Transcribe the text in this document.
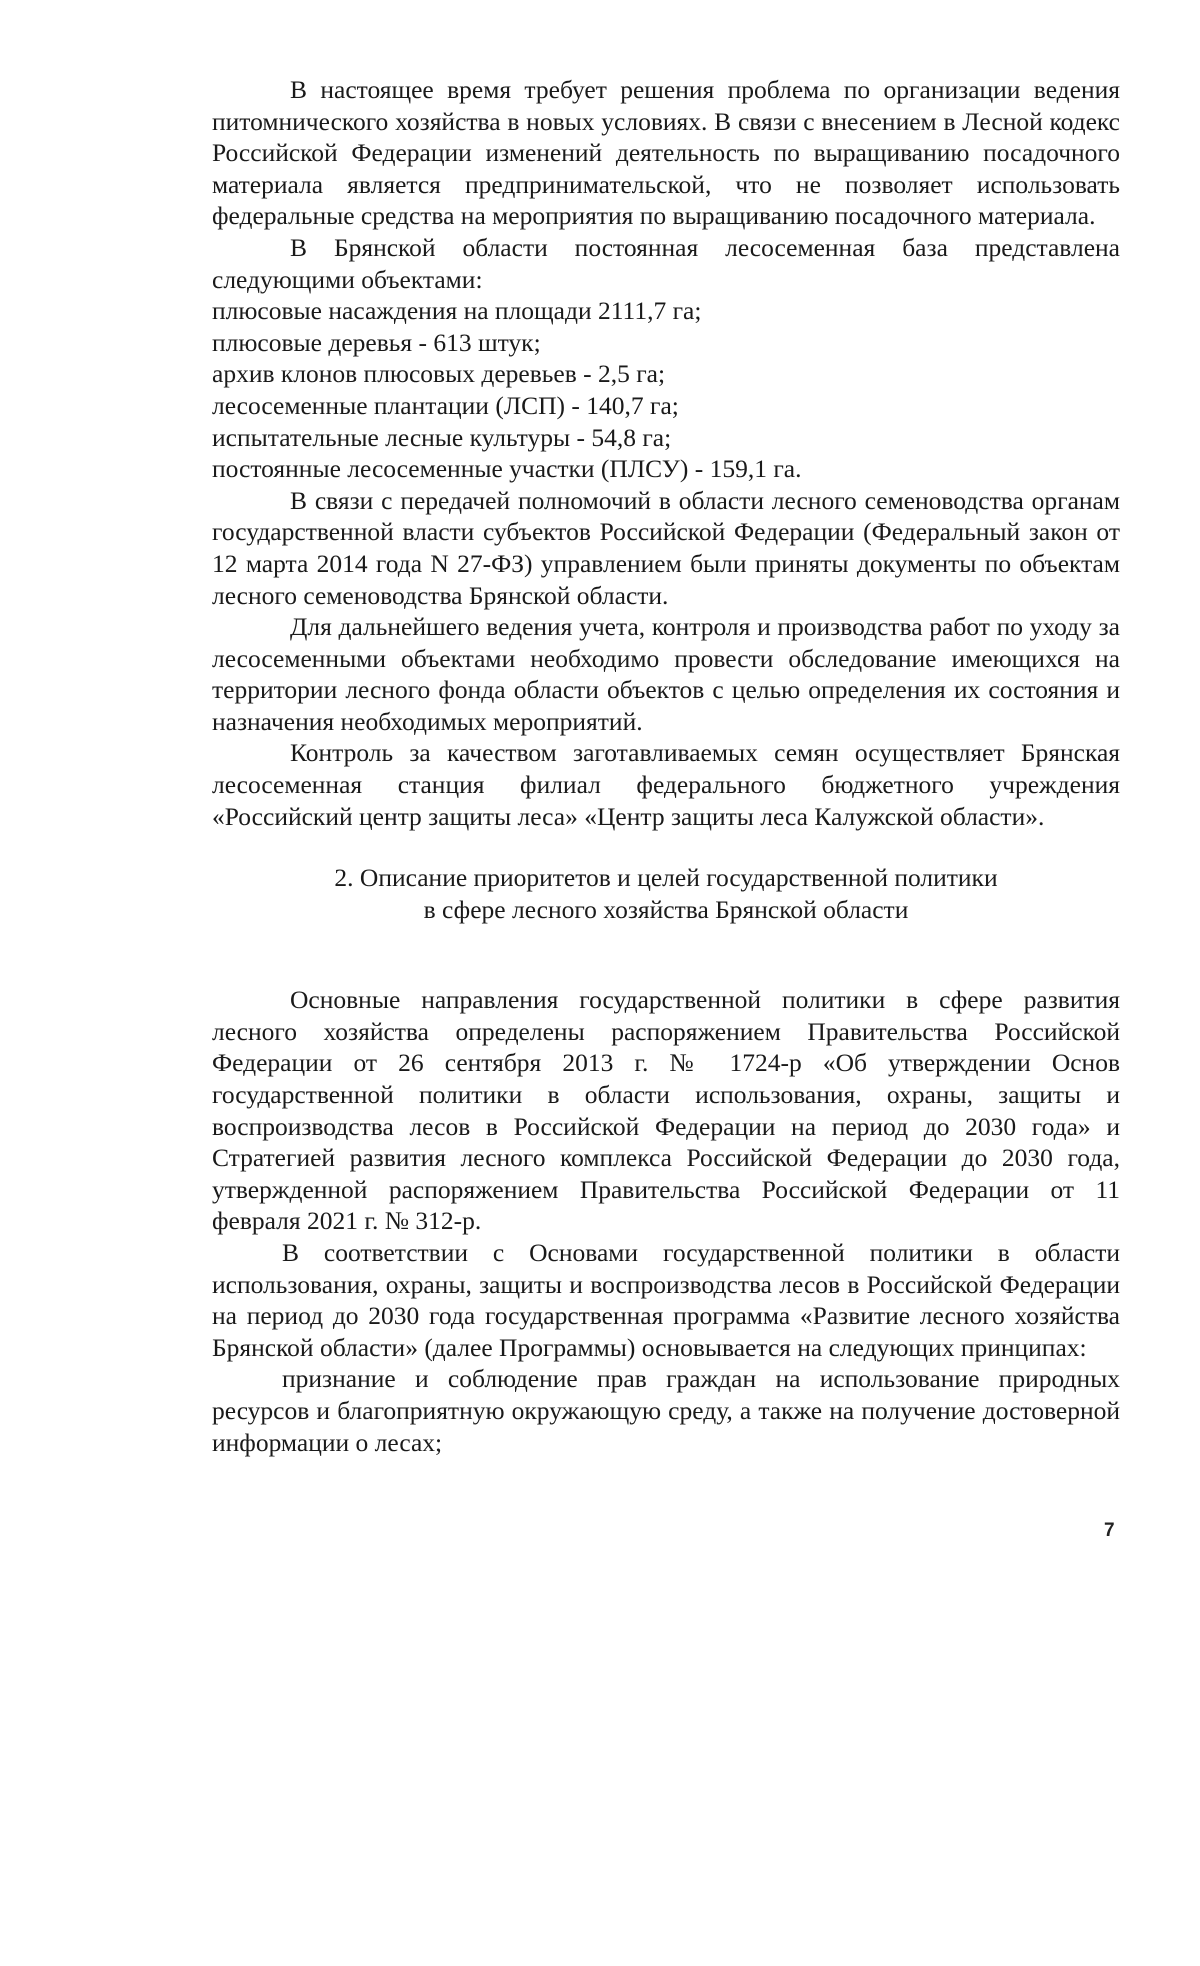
В настоящее время требует решения проблема по организации ведения питомнического хозяйства в новых условиях. В связи с внесением в Лесной кодекс Российской Федерации изменений деятельность по выращиванию посадочного материала является предпринимательской, что не позволяет использовать федеральные средства на мероприятия по выращиванию посадочного материала.

В Брянской области постоянная лесосеменная база представлена следующими объектами:

плюсовые насаждения на площади 2111,7 га;

плюсовые деревья - 613 штук;

архив клонов плюсовых деревьев - 2,5 га;

лесосеменные плантации (ЛСП) - 140,7 га;

испытательные лесные культуры - 54,8 га;

постоянные лесосеменные участки (ПЛСУ) - 159,1 га.

В связи с передачей полномочий в области лесного семеноводства органам государственной власти субъектов Российской Федерации (Федеральный закон от 12 марта 2014 года N 27-ФЗ) управлением были приняты документы по объектам лесного семеноводства Брянской области.

Для дальнейшего ведения учета, контроля и производства работ по уходу за лесосеменными объектами необходимо провести обследование имеющихся на территории лесного фонда области объектов с целью определения их состояния и назначения необходимых мероприятий.

Контроль за качеством заготавливаемых семян осуществляет Брянская лесосеменная станция филиал федерального бюджетного учреждения «Российский центр защиты леса» «Центр защиты леса Калужской области».

2. Описание приоритетов и целей государственной политики

в сфере лесного хозяйства Брянской области

Основные направления государственной политики в сфере развития лесного хозяйства определены распоряжением Правительства Российской Федерации от 26 сентября 2013 г. № 1724-р «Об утверждении Основ государственной политики в области использования, охраны, защиты и воспроизводства лесов в Российской Федерации на период до 2030 года» и Стратегией развития лесного комплекса Российской Федерации до 2030 года, утвержденной распоряжением Правительства Российской Федерации от 11 февраля 2021 г. № 312-р.

В соответствии с Основами государственной политики в области использования, охраны, защиты и воспроизводства лесов в Российской Федерации на период до 2030 года государственная программа «Развитие лесного хозяйства Брянской области» (далее Программы) основывается на следующих принципах:

признание и соблюдение прав граждан на использование природных ресурсов и благоприятную окружающую среду, а также на получение достоверной информации о лесах;

7
